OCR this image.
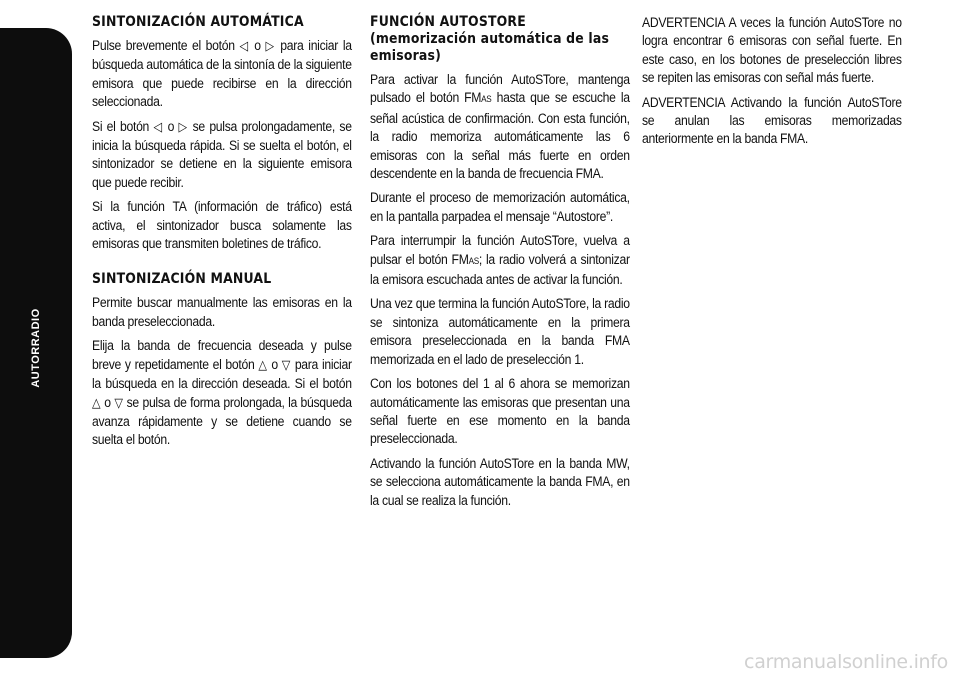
AUTORRADIO
270
SINTONIZACIÓN AUTOMÁTICA

Pulse brevemente el botón ◁ o ▷ para iniciar la búsqueda automática de la sintonía de la siguiente emisora que puede recibirse en la dirección seleccionada.

Si el botón ◁ o ▷ se pulsa prolongadamente, se inicia la búsqueda rápida. Si se suelta el botón, el sintonizador se detiene en la siguiente emisora que puede recibir.

Si la función TA (información de tráfico) está activa, el sintonizador busca solamente las emisoras que transmiten boletines de tráfico.

SINTONIZACIÓN MANUAL

Permite buscar manualmente las emisoras en la banda preseleccionada.

Elija la banda de frecuencia deseada y pulse breve y repetidamente el botón △ o ▽ para iniciar la búsqueda en la dirección deseada. Si el botón △ o ▽ se pulsa de forma prolongada, la búsqueda avanza rápidamente y se detiene cuando se suelta el botón.

FUNCIÓN AUTOSTORE (memorización automática de las emisoras)

Para activar la función AutoSTore, mantenga pulsado el botón FMAS hasta que se escuche la señal acústica de confirmación. Con esta función, la radio memoriza automáticamente las 6 emisoras con la señal más fuerte en orden descendente en la banda de frecuencia FMA.

Durante el proceso de memorización automática, en la pantalla parpadea el mensaje “Autostore”.

Para interrumpir la función AutoSTore, vuelva a pulsar el botón FMAS; la radio volverá a sintonizar la emisora escuchada antes de activar la función.

Una vez que termina la función AutoSTore, la radio se sintoniza automáticamente en la primera emisora preseleccionada en la banda FMA memorizada en el lado de preselección 1.

Con los botones del 1 al 6 ahora se memorizan automáticamente las emisoras que presentan una señal fuerte en ese momento en la banda preseleccionada.

Activando la función AutoSTore en la banda MW, se selecciona automáticamente la banda FMA, en la cual se realiza la función.

ADVERTENCIA A veces la función AutoSTore no logra encontrar 6 emisoras con señal fuerte. En este caso, en los botones de preselección libres se repiten las emisoras con señal más fuerte.

ADVERTENCIA Activando la función AutoSTore se anulan las emisoras memorizadas anteriormente en la banda FMA.

carmanualsonline.info
